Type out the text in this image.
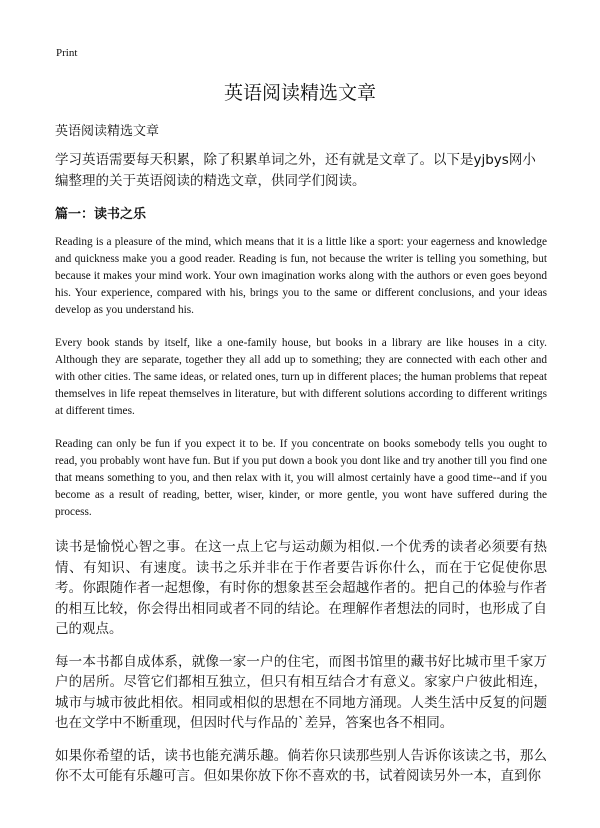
Print
英语阅读精选文章
英语阅读精选文章

学习英语需要每天积累，除了积累单词之外，还有就是文章了。以下是yjbys网小编整理的关于英语阅读的精选文章，供同学们阅读。

篇一：读书之乐

Reading is a pleasure of the mind, which means that it is a little like a sport: your eagerness and knowledge and quickness make you a good reader. Reading is fun, not because the writer is telling you something, but because it makes your mind work. Your own imagination works along with the authors or even goes beyond his. Your experience, compared with his, brings you to the same or different conclusions, and your ideas develop as you understand his.

Every book stands by itself, like a one-family house, but books in a library are like houses in a city. Although they are separate, together they all add up to something; they are connected with each other and with other cities. The same ideas, or related ones, turn up in different places; the human problems that repeat themselves in life repeat themselves in literature, but with different solutions according to different writings at different times.

Reading can only be fun if you expect it to be. If you concentrate on books somebody tells you ought to read, you probably wont have fun. But if you put down a book you dont like and try another till you find one that means something to you, and then relax with it, you will almost certainly have a good time--and if you become as a result of reading, better, wiser, kinder, or more gentle, you wont have suffered during the process.

读书是愉悦心智之事。在这一点上它与运动颇为相似.一个优秀的读者必须要有热情、有知识、有速度。读书之乐并非在于作者要告诉你什么，而在于它促使你思考。你跟随作者一起想像，有时你的想象甚至会超越作者的。把自己的体验与作者的相互比较，你会得出相同或者不同的结论。在理解作者想法的同时，也形成了自己的观点。

每一本书都自成体系，就像一家一户的住宅，而图书馆里的藏书好比城市里千家万户的居所。尽管它们都相互独立，但只有相互结合才有意义。家家户户彼此相连，城市与城市彼此相依。相同或相似的思想在不同地方涌现。人类生活中反复的问题也在文学中不断重现，但因时代与作品的`差异，答案也各不相同。

如果你希望的话，读书也能充满乐趣。倘若你只读那些别人告诉你该读之书，那么你不太可能有乐趣可言。但如果你放下你不喜欢的书，试着阅读另外一本，直到你
